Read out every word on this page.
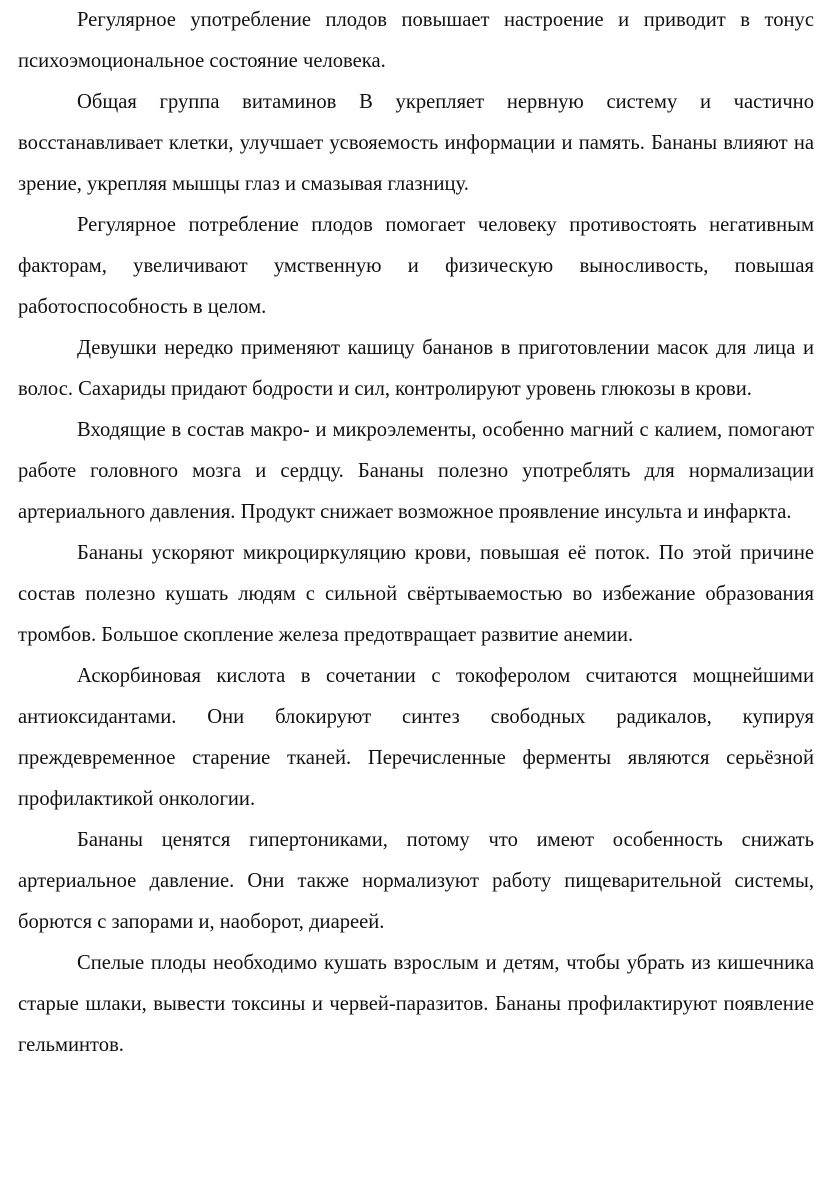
Регулярное употребление плодов повышает настроение и приводит в тонус психоэмоциональное состояние человека.

Общая группа витаминов B укрепляет нервную систему и частично восстанавливает клетки, улучшает усвояемость информации и память. Бананы влияют на зрение, укрепляя мышцы глаз и смазывая глазницу.

Регулярное потребление плодов помогает человеку противостоять негативным факторам, увеличивают умственную и физическую выносливость, повышая работоспособность в целом.

Девушки нередко применяют кашицу бананов в приготовлении масок для лица и волос. Сахариды придают бодрости и сил, контролируют уровень глюкозы в крови.

Входящие в состав макро- и микроэлементы, особенно магний с калием, помогают работе головного мозга и сердцу. Бананы полезно употреблять для нормализации артериального давления. Продукт снижает возможное проявление инсульта и инфаркта.

Бананы ускоряют микроциркуляцию крови, повышая её поток. По этой причине состав полезно кушать людям с сильной свёртываемостью во избежание образования тромбов. Большое скопление железа предотвращает развитие анемии.

Аскорбиновая кислота в сочетании с токоферолом считаются мощнейшими антиоксидантами. Они блокируют синтез свободных радикалов, купируя преждевременное старение тканей. Перечисленные ферменты являются серьёзной профилактикой онкологии.

Бананы ценятся гипертониками, потому что имеют особенность снижать артериальное давление. Они также нормализуют работу пищеварительной системы, борются с запорами и, наоборот, диареей.

Спелые плоды необходимо кушать взрослым и детям, чтобы убрать из кишечника старые шлаки, вывести токсины и червей-паразитов. Бананы профилактируют появление гельминтов.
